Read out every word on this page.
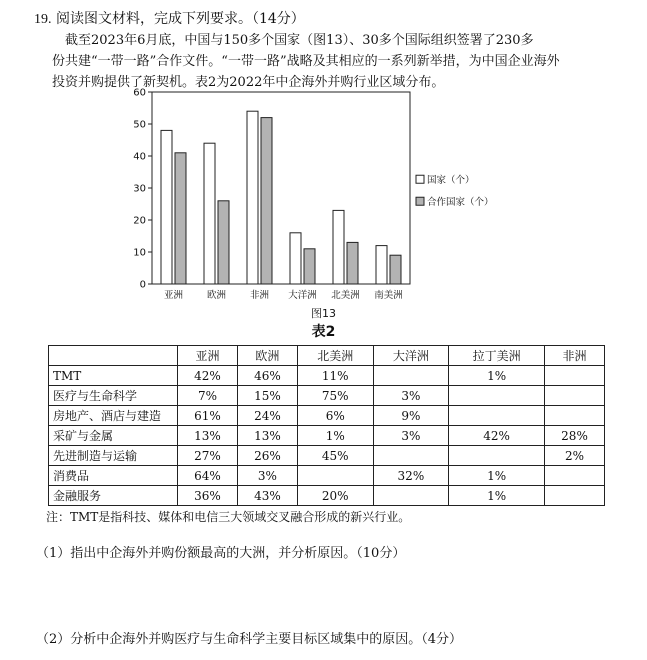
19. 阅读图文材料，完成下列要求。（14分）

截至2023年6月底，中国与150多个国家（图13）、30多个国际组织签署了230多

份共建“一带一路”合作文件。“一带一路”战略及其相应的一系列新举措，为中国企业海外

投资并购提供了新契机。表2为2022年中企海外并购行业区域分布。

0
10
20
30
40
50
60
亚洲	欧洲	非洲 大洋洲 北美洲 南美洲
国家（个）
合作国家（个）
图13
表2
	亚洲	欧洲	北美洲	大洋洲	拉丁美洲	非洲
TMT	42%	46%	11%		1%	
医疗与生命科学	7%	15%	75%	3%		
房地产、酒店与建造	61%	24%	6%	9%		
采矿与金属	13%	13%	1%	3%	42%	28%
先进制造与运输	27%	26%	45%			2%
消费品	64%	3%		32%	1%	
金融服务	36%	43%	20%		1%	
注：TMT是指科技、媒体和电信三大领域交叉融合形成的新兴行业。
（1）指出中企海外并购份额最高的大洲，并分析原因。（10分）
（2）分析中企海外并购医疗与生命科学主要目标区域集中的原因。（4分）
